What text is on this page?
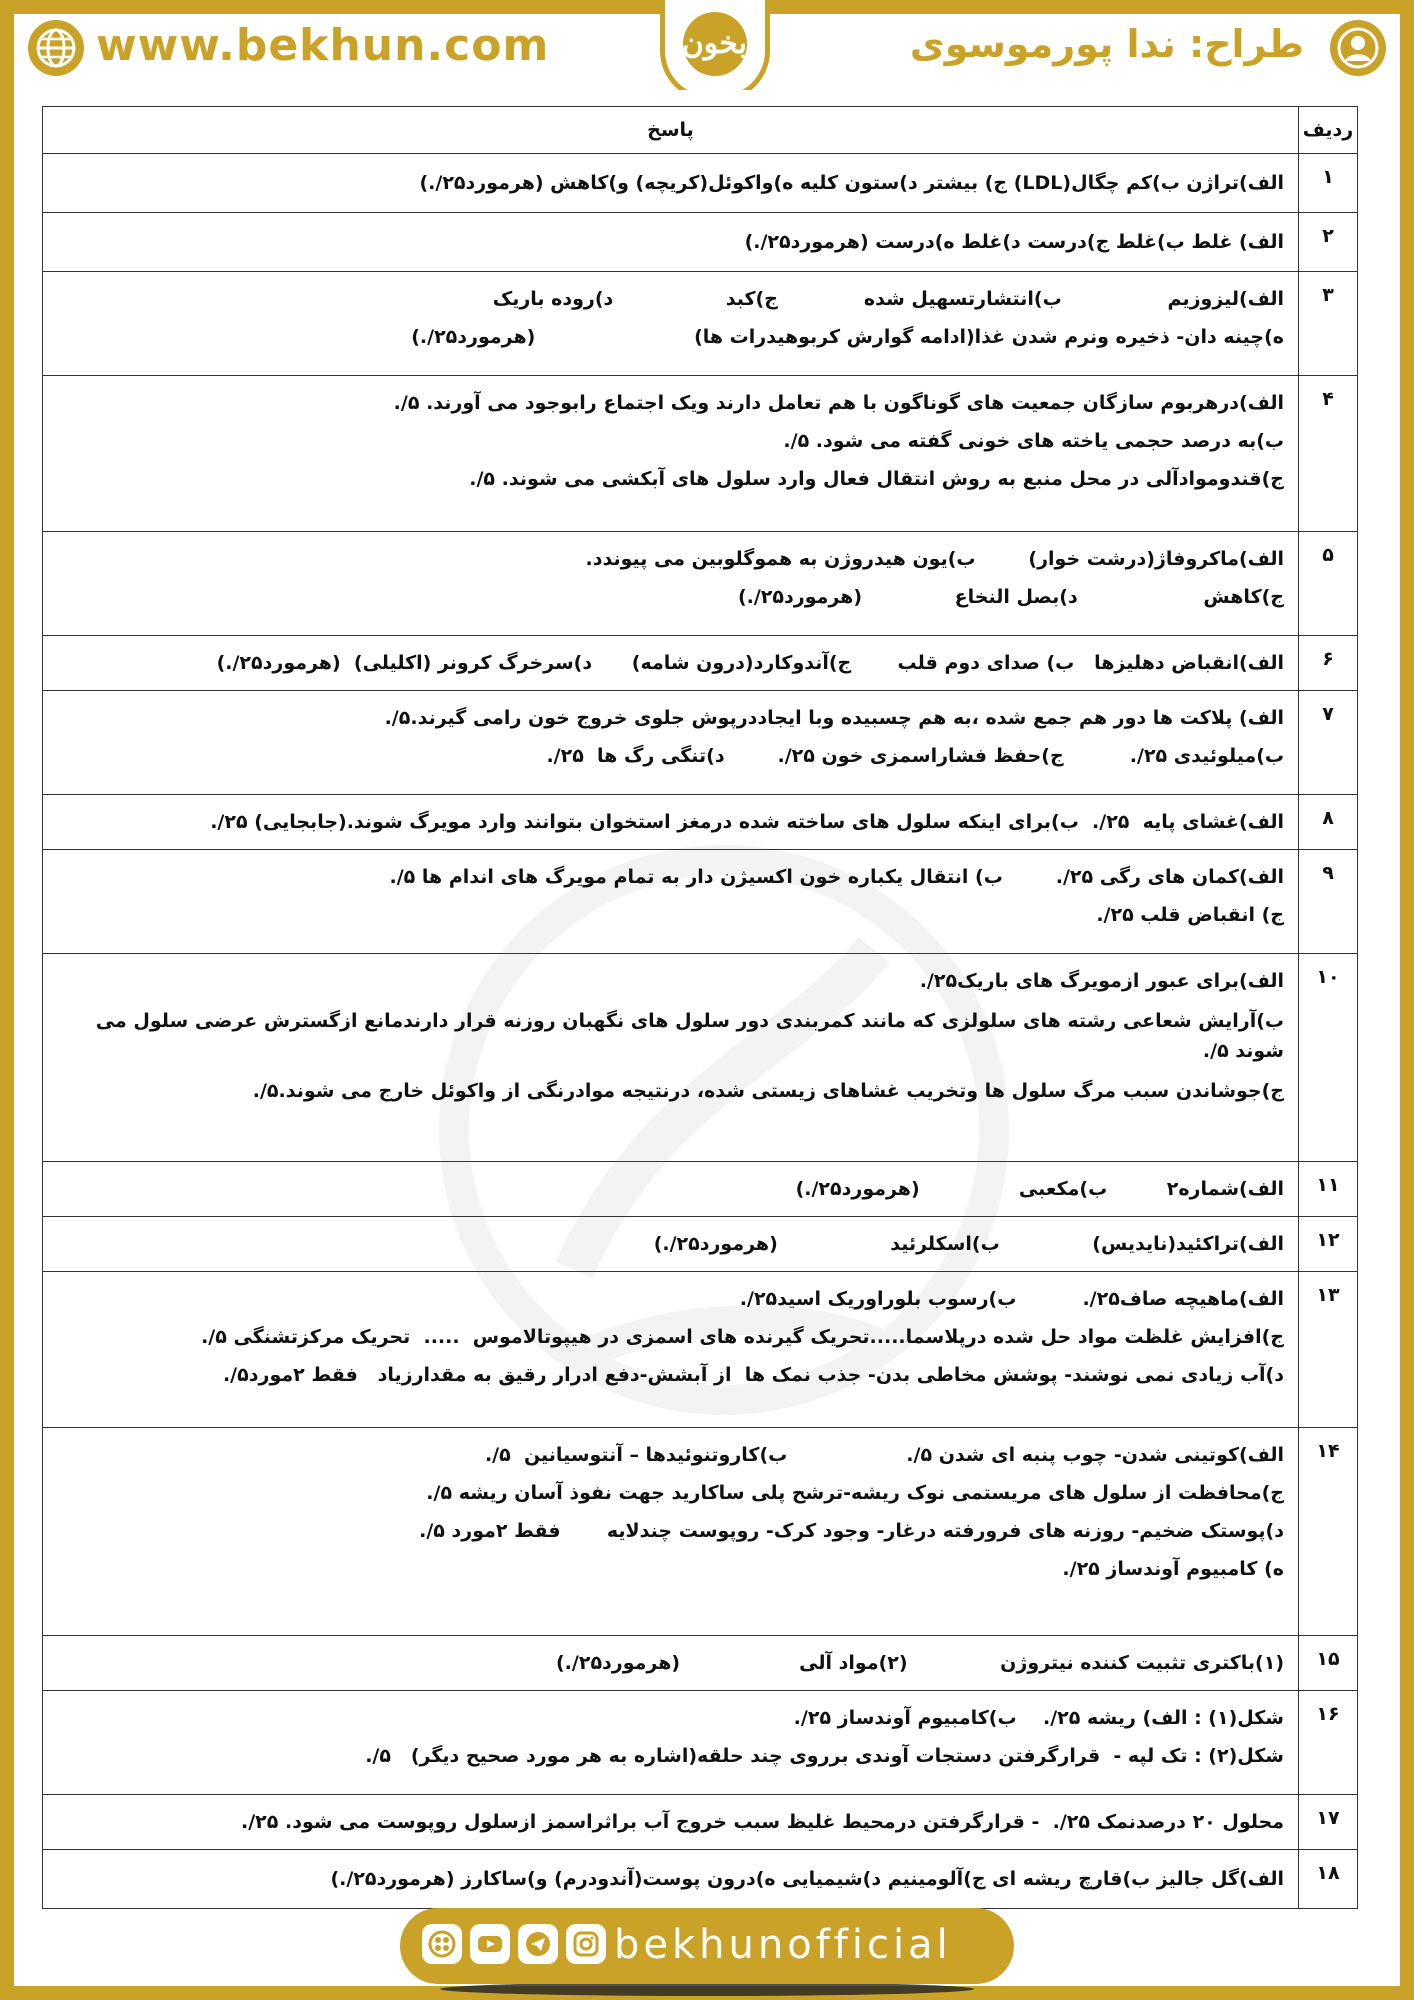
www.bekhun.com	بخون	طراح: ندا پورموسوی
ردیف	پاسخ
۱	الف)تراژن ب)کم چگال(LDL) ج) بیشتر د)ستون کلیه ه)واکوئل(کریچه) و)کاهش (هرمورد۲۵/.)

۲	الف) غلط ب)غلط ج)درست د)غلط ه)درست (هرمورد۲۵/.)

۳	الف)لیزوزیم                ب)انتشارتسهیل شده             ج)کبد                 د)روده باریک
ه)چینه دان- ذخیره ونرم شدن غذا(ادامه گوارش کربوهیدرات ها)                        (هرمورد۲۵/.)

۴	الف)درهربوم سازگان جمعیت های گوناگون با هم تعامل دارند ویک اجتماع رابوجود می آورند. ۵/.
ب)به درصد حجمی یاخته های خونی گفته می شود. ۵/.
ج)قندوموادآلی در محل منبع به روش انتقال فعال وارد سلول های آبکشی می شوند. ۵/.

۵	الف)ماکروفاژ(درشت خوار)        ب)یون هیدروژن به هموگلوبین می پیوندد.
ج)کاهش                   د)بصل النخاع              (هرمورد۲۵/.)

۶	الف)انقباض دهلیزها   ب) صدای دوم قلب       ج)آندوکارد(درون شامه)      د)سرخرگ کرونر (اکلیلی)  (هرمورد۲۵/.)

۷	الف) پلاکت ها دور هم جمع شده ،به هم چسبیده وبا ایجاددرپوش جلوی خروج خون رامی گیرند.۵/.
ب)میلوئیدی ۲۵/.          ج)حفظ فشاراسمزی خون ۲۵/.        د)تنگی رگ ها  ۲۵/.

۸	الف)غشای پایه  ۲۵/.  ب)برای اینکه سلول های ساخته شده درمغز استخوان بتوانند وارد مویرگ شوند.(جابجایی) ۲۵/.

۹	الف)کمان های رگی ۲۵/.        ب) انتقال یکباره خون اکسیژن دار به تمام مویرگ های اندام ها ۵/.
ج) انقباض قلب ۲۵/.

۱۰	الف)برای عبور ازمویرگ های باریک۲۵/.
ب)آرایش شعاعی رشته های سلولزی که مانند کمربندی دور سلول های نگهبان روزنه قرار دارندمانع ازگسترش عرضی سلول می شوند ۵/.
ج)جوشاندن سبب مرگ سلول ها وتخریب غشاهای زیستی شده، درنتیجه موادرنگی از واکوئل خارج می شوند.۵/.

۱۱	الف)شماره۲         ب)مکعبی               (هرمورد۲۵/.)

۱۲	الف)تراکئید(نایدیس)              ب)اسکلرئید                 (هرمورد۲۵/.)

۱۳	الف)ماهیچه صاف۲۵/.          ب)رسوب بلوراوریک اسید۲۵/.
ج)افزایش غلظت مواد حل شده درپلاسما.....تحریک گیرنده های اسمزی در هیپوتالاموس  .....  تحریک مرکزتشنگی ۵/.
د)آب زیادی نمی نوشند- پوشش مخاطی بدن- جذب نمک ها  از آبشش-دفع ادرار رقیق به مقدارزیاد   فقط ۲مورد۵/.

۱۴	الف)کوتینی شدن- چوب پنبه ای شدن ۵/.                  ب)کاروتنوئیدها – آنتوسیانین  ۵/.
ج)محافظت از سلول های مریستمی نوک ریشه-ترشح پلی ساکارید جهت نفوذ آسان ریشه ۵/.
د)پوستک ضخیم- روزنه های فرورفته درغار- وجود کرک- روپوست چندلایه       فقط ۲مورد ۵/.
ه) کامبیوم آوندساز ۲۵/.

۱۵	(۱)باکتری تثبیت کننده نیتروژن              (۲)مواد آلی                  (هرمورد۲۵/.)

۱۶	شکل(۱) : الف) ریشه ۲۵/.    ب)کامبیوم آوندساز ۲۵/.
شکل(۲) : تک لپه -  قرارگرفتن دستجات آوندی برروی چند حلقه(اشاره به هر مورد صحیح دیگر)   ۵/.

۱۷	محلول ۲۰ درصدنمک ۲۵/.  - قرارگرفتن درمحیط غلیظ سبب خروج آب براثراسمز ازسلول روپوست می شود. ۲۵/.

۱۸	الف)گل جالیز ب)قارچ ریشه ای ج)آلومینیم د)شیمیایی ه)درون پوست(آندودرم) و)ساکارز (هرمورد۲۵/.)
bekhunofficial
